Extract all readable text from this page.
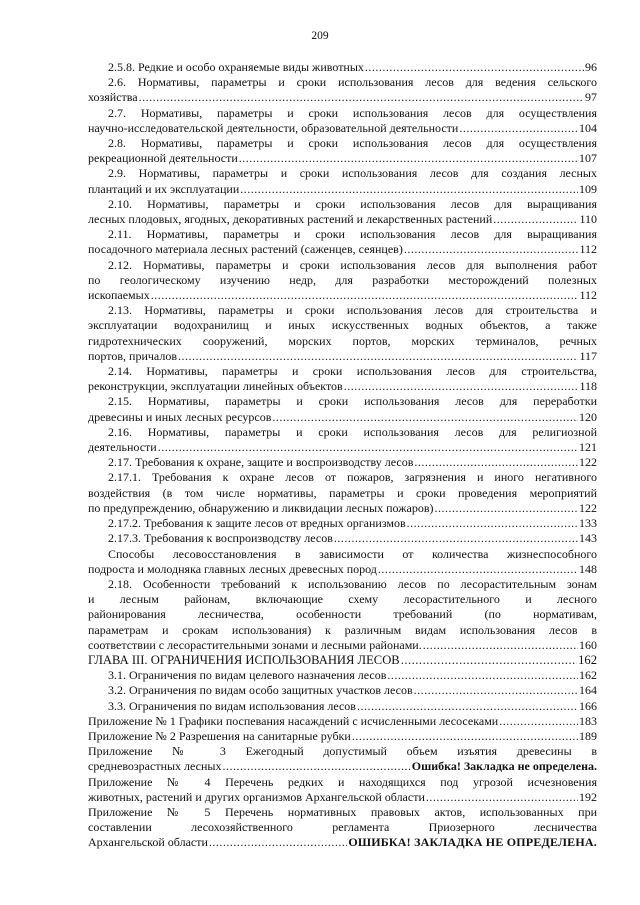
209
2.5.8. Редкие и особо охраняемые виды животных .....	96
2.6. Нормативы, параметры и сроки использования лесов для ведения сельского
хозяйства .....	97
2.7. Нормативы, параметры и сроки использования лесов для осуществления
научно-исследовательской деятельности, образовательной деятельности .....	104
2.8. Нормативы, параметры и сроки использования лесов для осуществления
рекреационной деятельности .....	107
2.9. Нормативы, параметры и сроки использования лесов для создания лесных
плантаций и их эксплуатации .....	109
2.10. Нормативы, параметры и сроки использования лесов для выращивания
лесных плодовых, ягодных, декоративных растений и лекарственных растений .....	110
2.11. Нормативы, параметры и сроки использования лесов для выращивания
посадочного материала лесных растений (саженцев, сеянцев) .....	112
2.12. Нормативы, параметры и сроки использования лесов для выполнения работ
по геологическому изучению недр, для разработки месторождений полезных
ископаемых .....	112
2.13. Нормативы, параметры и сроки использования лесов для строительства и
эксплуатации водохранилищ и иных искусственных водных объектов, а также
гидротехнических сооружений, морских портов, морских терминалов, речных
портов, причалов .....	117
2.14. Нормативы, параметры и сроки использования лесов для строительства,
реконструкции, эксплуатации линейных объектов .....	118
2.15. Нормативы, параметры и сроки использования лесов для переработки
древесины и иных лесных ресурсов .....	120
2.16. Нормативы, параметры и сроки использования лесов для религиозной
деятельности .....	121
2.17. Требования к охране, защите и воспроизводству лесов .....	122
2.17.1. Требования к охране лесов от пожаров, загрязнения и иного негативного
воздействия (в том числе нормативы, параметры и сроки проведения мероприятий
по предупреждению, обнаружению и ликвидации лесных пожаров) .....	122
2.17.2. Требования к защите лесов от вредных организмов .....	133
2.17.3. Требования к воспроизводству лесов .....	143
Способы лесовосстановления в зависимости от количества жизнеспособного
подроста и молодняка главных лесных древесных пород .....	148
2.18. Особенности требований к использованию лесов по лесорастительным зонам
и лесным районам, включающие схему лесорастительного и лесного
районирования лесничества, особенности требований (по нормативам,
параметрам и срокам использования) к различным видам использования лесов в
соответствии с лесорастительными зонами и лесными районами. .....	160
ГЛАВА III. ОГРАНИЧЕНИЯ ИСПОЛЬЗОВАНИЯ ЛЕСОВ .....	162
3.1. Ограничения по видам целевого назначения лесов .....	162
3.2. Ограничения по видам особо защитных участков лесов .....	164
3.3. Ограничения по видам использования лесов .....	166
Приложение № 1 Графики поспевания насаждений с исчисленными лесосеками .....	183
Приложение № 2 Разрешения на санитарные рубки .....	189
Приложение № 3 Ежегодный допустимый объем изъятия древесины в
средневозрастных лесных .....	Ошибка! Закладка не определена.
Приложение № 4 Перечень редких и находящихся под угрозой исчезновения
животных, растений и других организмов Архангельской области .....	192
Приложение № 5 Перечень нормативных правовых актов, использованных при
составлении лесохозяйственного регламента Приозерного лесничества
Архангельской области .....	ОШИБКА! ЗАКЛАДКА НЕ ОПРЕДЕЛЕНА.
